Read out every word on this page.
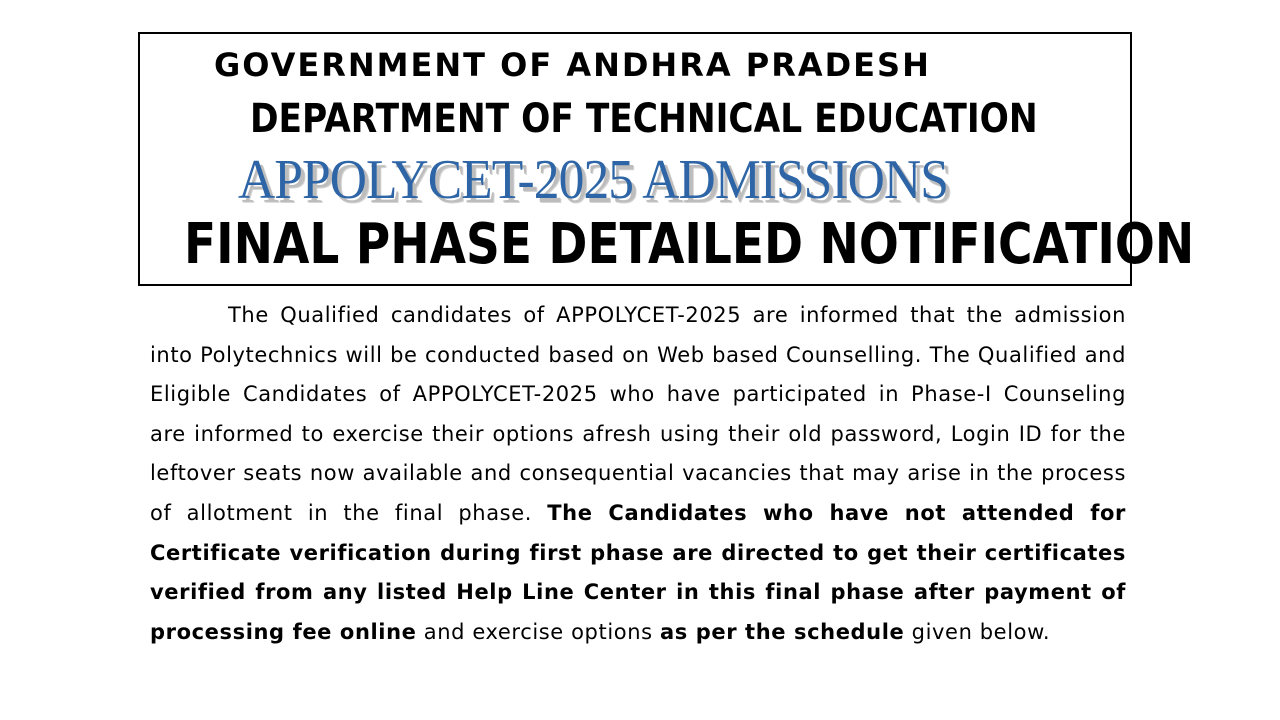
GOVERNMENT OF ANDHRA PRADESH
DEPARTMENT OF TECHNICAL EDUCATION
APPOLYCET-2025 ADMISSIONS
FINAL PHASE DETAILED NOTIFICATION

The Qualified candidates of APPOLYCET-2025 are informed that the admission into Polytechnics will be conducted based on Web based Counselling. The Qualified and Eligible Candidates of APPOLYCET-2025 who have participated in Phase-I Counseling are informed to exercise their options afresh using their old password, Login ID for the leftover seats now available and consequential vacancies that may arise in the process of allotment in the final phase. The Candidates who have not attended for Certificate verification during first phase are directed to get their certificates verified from any listed Help Line Center in this final phase after payment of processing fee online and exercise options as per the schedule given below.
